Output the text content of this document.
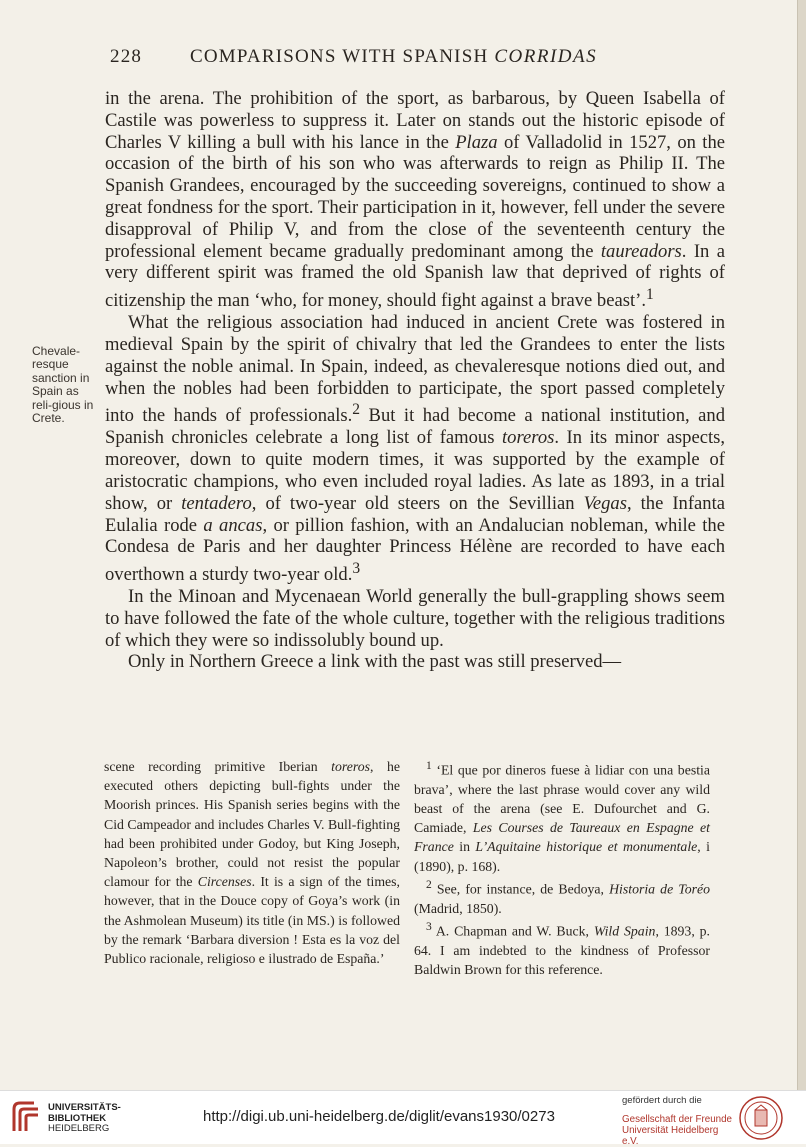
228	COMPARISONS WITH SPANISH CORRIDAS
Chevale-resque sanction in Spain as reli-gious in Crete.

in the arena. The prohibition of the sport, as barbarous, by Queen Isabella of Castile was powerless to suppress it. Later on stands out the historic episode of Charles V killing a bull with his lance in the Plaza of Valladolid in 1527, on the occasion of the birth of his son who was afterwards to reign as Philip II. The Spanish Grandees, encouraged by the succeeding sovereigns, continued to show a great fondness for the sport. Their participation in it, however, fell under the severe disapproval of Philip V, and from the close of the seventeenth century the professional element became gradually predominant among the taureadors. In a very different spirit was framed the old Spanish law that deprived of rights of citizenship the man ‘who, for money, should fight against a brave beast’.$^1$

What the religious association had induced in ancient Crete was fostered in medieval Spain by the spirit of chivalry that led the Grandees to enter the lists against the noble animal. In Spain, indeed, as chevaleresque notions died out, and when the nobles had been forbidden to participate, the sport passed completely into the hands of professionals.$^2$ But it had become a national institution, and Spanish chronicles celebrate a long list of famous toreros. In its minor aspects, moreover, down to quite modern times, it was supported by the example of aristocratic champions, who even included royal ladies. As late as 1893, in a trial show, or tentadero, of two-year old steers on the Sevillian Vegas, the Infanta Eulalia rode a ancas, or pillion fashion, with an Andalucian nobleman, while the Condesa de Paris and her daughter Princess Hélène are recorded to have each overthown a sturdy two-year old.$^3$

In the Minoan and Mycenaean World generally the bull-grappling shows seem to have followed the fate of the whole culture, together with the religious traditions of which they were so indissolubly bound up.

Only in Northern Greece a link with the past was still preserved—

scene recording primitive Iberian toreros, he executed others depicting bull-fights under the Moorish princes. His Spanish series begins with the Cid Campeador and includes Charles V. Bull-fighting had been prohibited under Godoy, but King Joseph, Napoleon’s brother, could not resist the popular clamour for the Circenses. It is a sign of the times, however, that in the Douce copy of Goya’s work (in the Ashmolean Museum) its title (in MS.) is followed by the remark ‘Barbara diversion ! Esta es la voz del Publico racionale, religioso e ilustrado de España.’

$^1$ ‘El que por dineros fuese à lidiar con una bestia brava’, where the last phrase would cover any wild beast of the arena (see E. Dufourchet and G. Camiade, Les Courses de Taureaux en Espagne et France in L’Aquitaine historique et monumentale, i (1890), p. 168).

$^2$ See, for instance, de Bedoya, Historia de Toréo (Madrid, 1850).

$^3$ A. Chapman and W. Buck, Wild Spain, 1893, p. 64. I am indebted to the kindness of Professor Baldwin Brown for this reference.

UNIVERSITÄTS-
BIBLIOTHEK
HEIDELBERG
http://digi.ub.uni-heidelberg.de/diglit/evans1930/0273
gefördert durch die
Gesellschaft der Freunde
Universität Heidelberg e.V.
